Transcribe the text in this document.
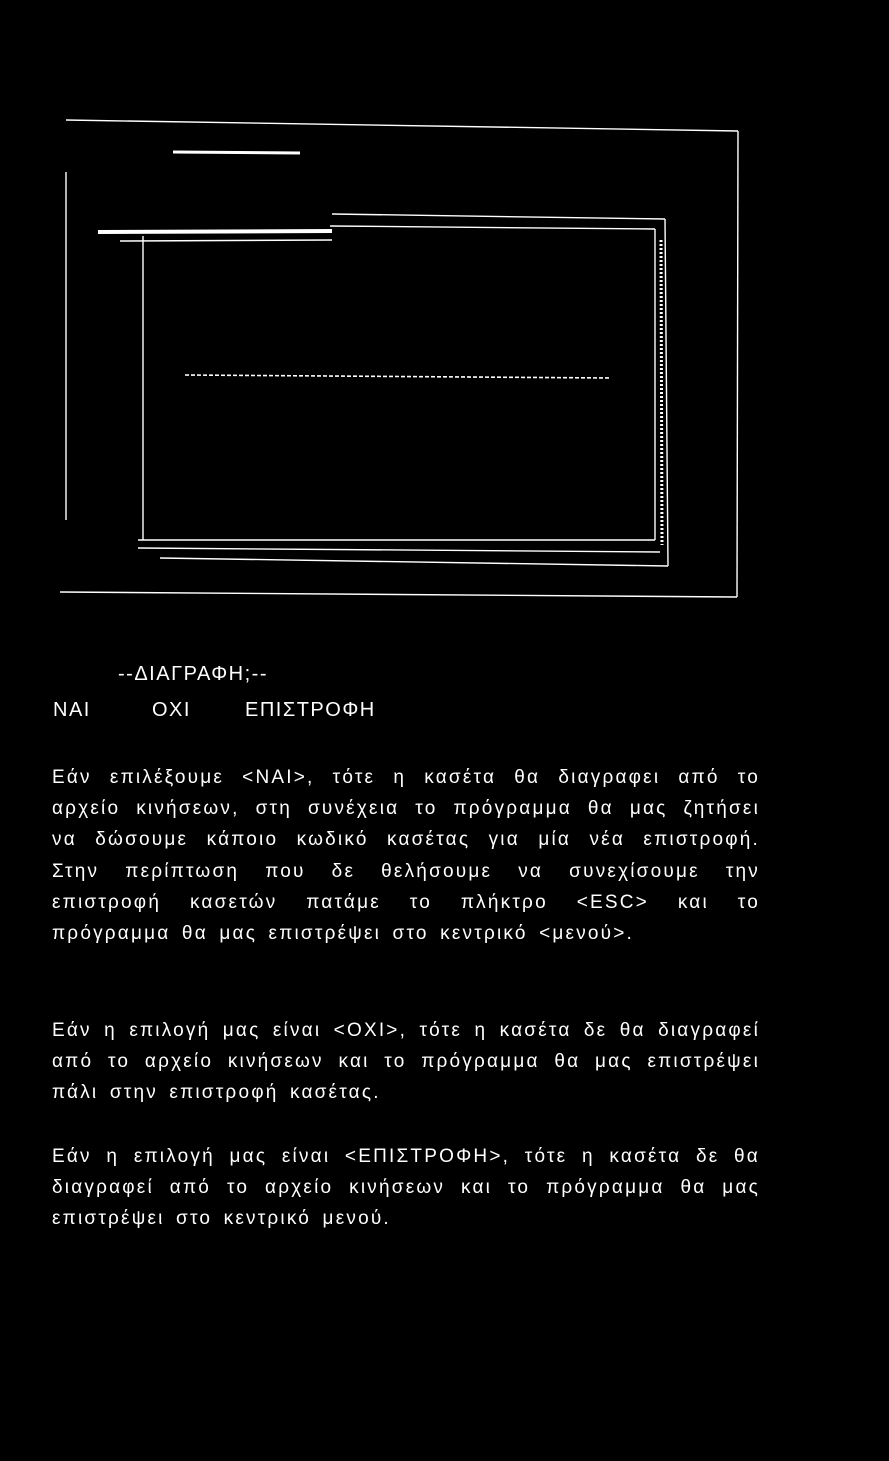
--ΔΙΑΓΡΑΦΗ;--
ΝΑΙ	ΟΧΙ	ΕΠΙΣΤΡΟΦΗ

Εάν επιλέξουμε <ΝΑΙ>, τότε η κασέτα θα διαγραφει από το αρχείο κινήσεων, στη συνέχεια το πρόγραμμα θα μας ζητήσει να δώσουμε κάποιο κωδικό κασέτας για μία νέα επιστροφή. Στην περίπτωση που δε θελήσουμε να συνεχίσουμε την επιστροφή κασετών πατάμε το πλήκτρο <ESC> και το πρόγραμμα θα μας επιστρέψει στο κεντρικό <μενού>.

Εάν η επιλογή μας είναι <ΟΧΙ>, τότε η κασέτα δε θα διαγραφεί από το αρχείο κινήσεων και το πρόγραμμα θα μας επιστρέψει πάλι στην επιστροφή κασέτας.

Εάν η επιλογή μας είναι <ΕΠΙΣΤΡΟΦΗ>, τότε η κασέτα δε θα διαγραφεί από το αρχείο κινήσεων και το πρόγραμμα θα μας επιστρέψει στο κεντρικό μενού.
